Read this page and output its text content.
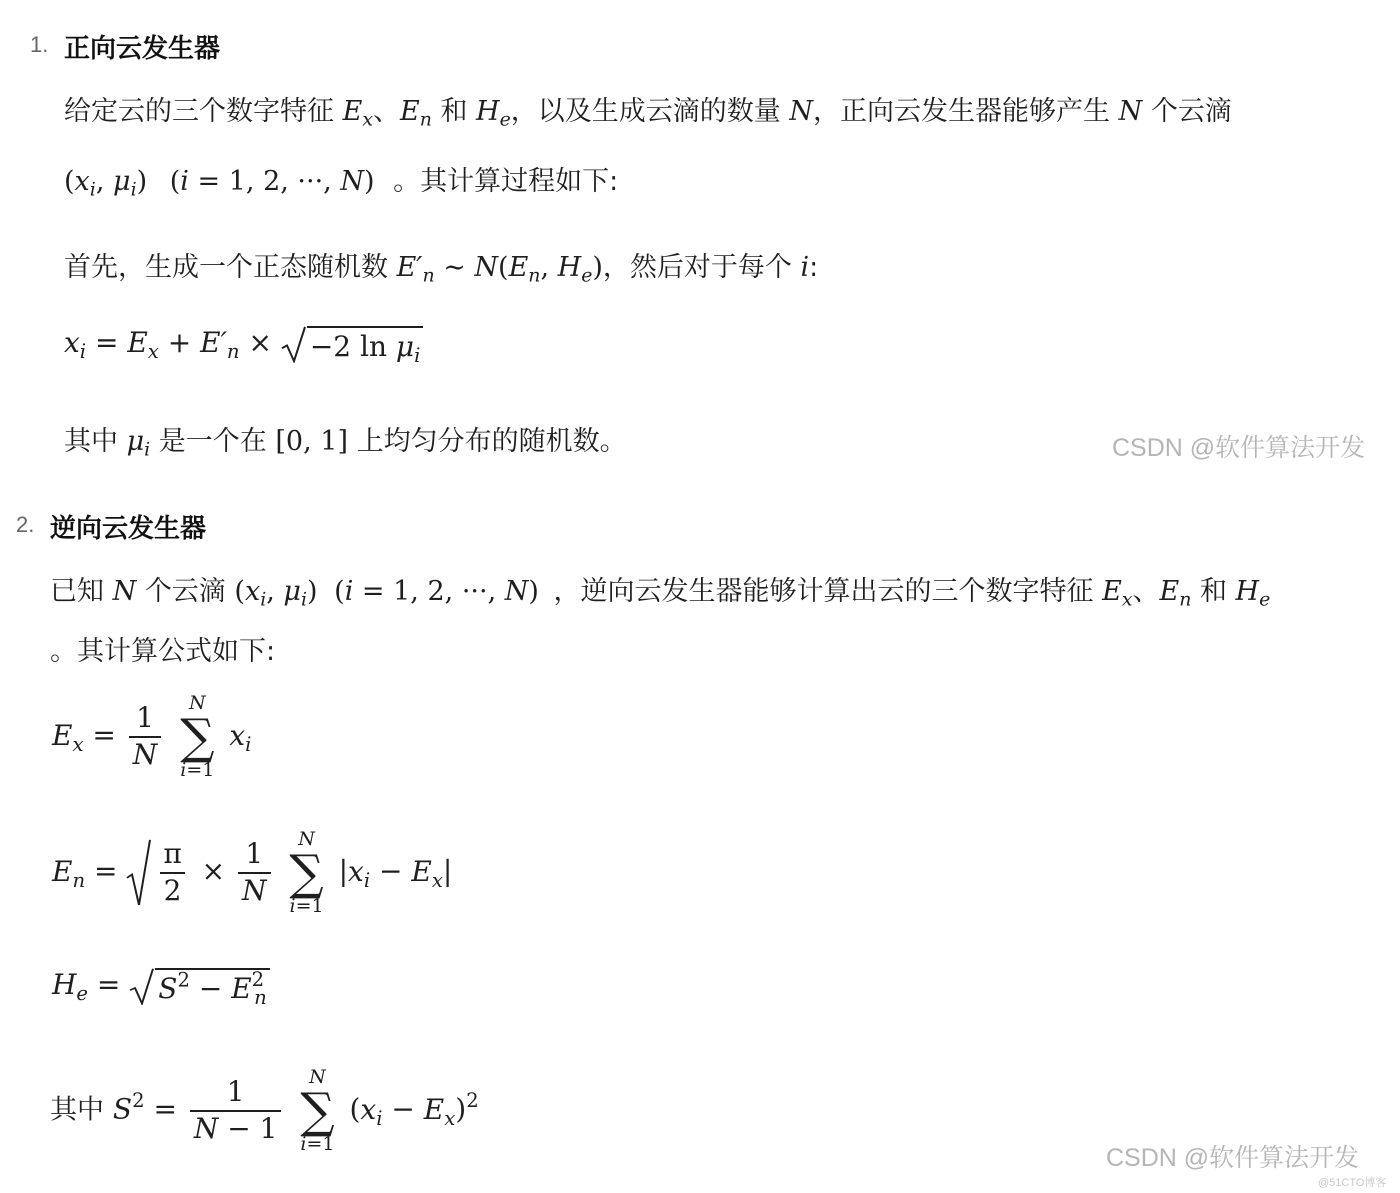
1. 正向云发生器
给定云的三个数字特征 $E_x$、$E_n$ 和 $H_e$，以及生成云滴的数量 N，正向云发生器能够产生 N 个云滴
($x_i$, $\mu_i$) (i = 1, 2, ···, N) 。其计算过程如下:
首先，生成一个正态随机数 $E'_n$ ∼ $N(E_n$, $H_e$)，然后对于每个 i:
$x_i = E_x + E'_n$ ×
−2 $\ln \mu_i$
其中 $\mu_i$ 是一个在 [0, 1] 上均匀分布的随机数。	CSDN @软件算法开发
2. 逆向云发生器
已知 N 个云滴 ($x_i$, $\mu_i$) (i = 1, 2, ···, N) ，逆向云发生器能够计算出云的三个数字特征 $E_x$、$E_n$ 和 $H_e$
。其计算公式如下:
$E_x = \frac{1}{N}$

N
∑
i=1
$x_i$
$E_n = \frac{\pi}{2} \times \frac{1}{N}$

N
∑
i=1
$|x_i - E_x|$
$H_e$ =
$S^2 - E^2_n$
其中 $S^2 = \frac{1}{N - 1}$

N
∑
i=1
$(x_i - E_x)^2$
CSDN @软件算法开发
@51CTO博客
